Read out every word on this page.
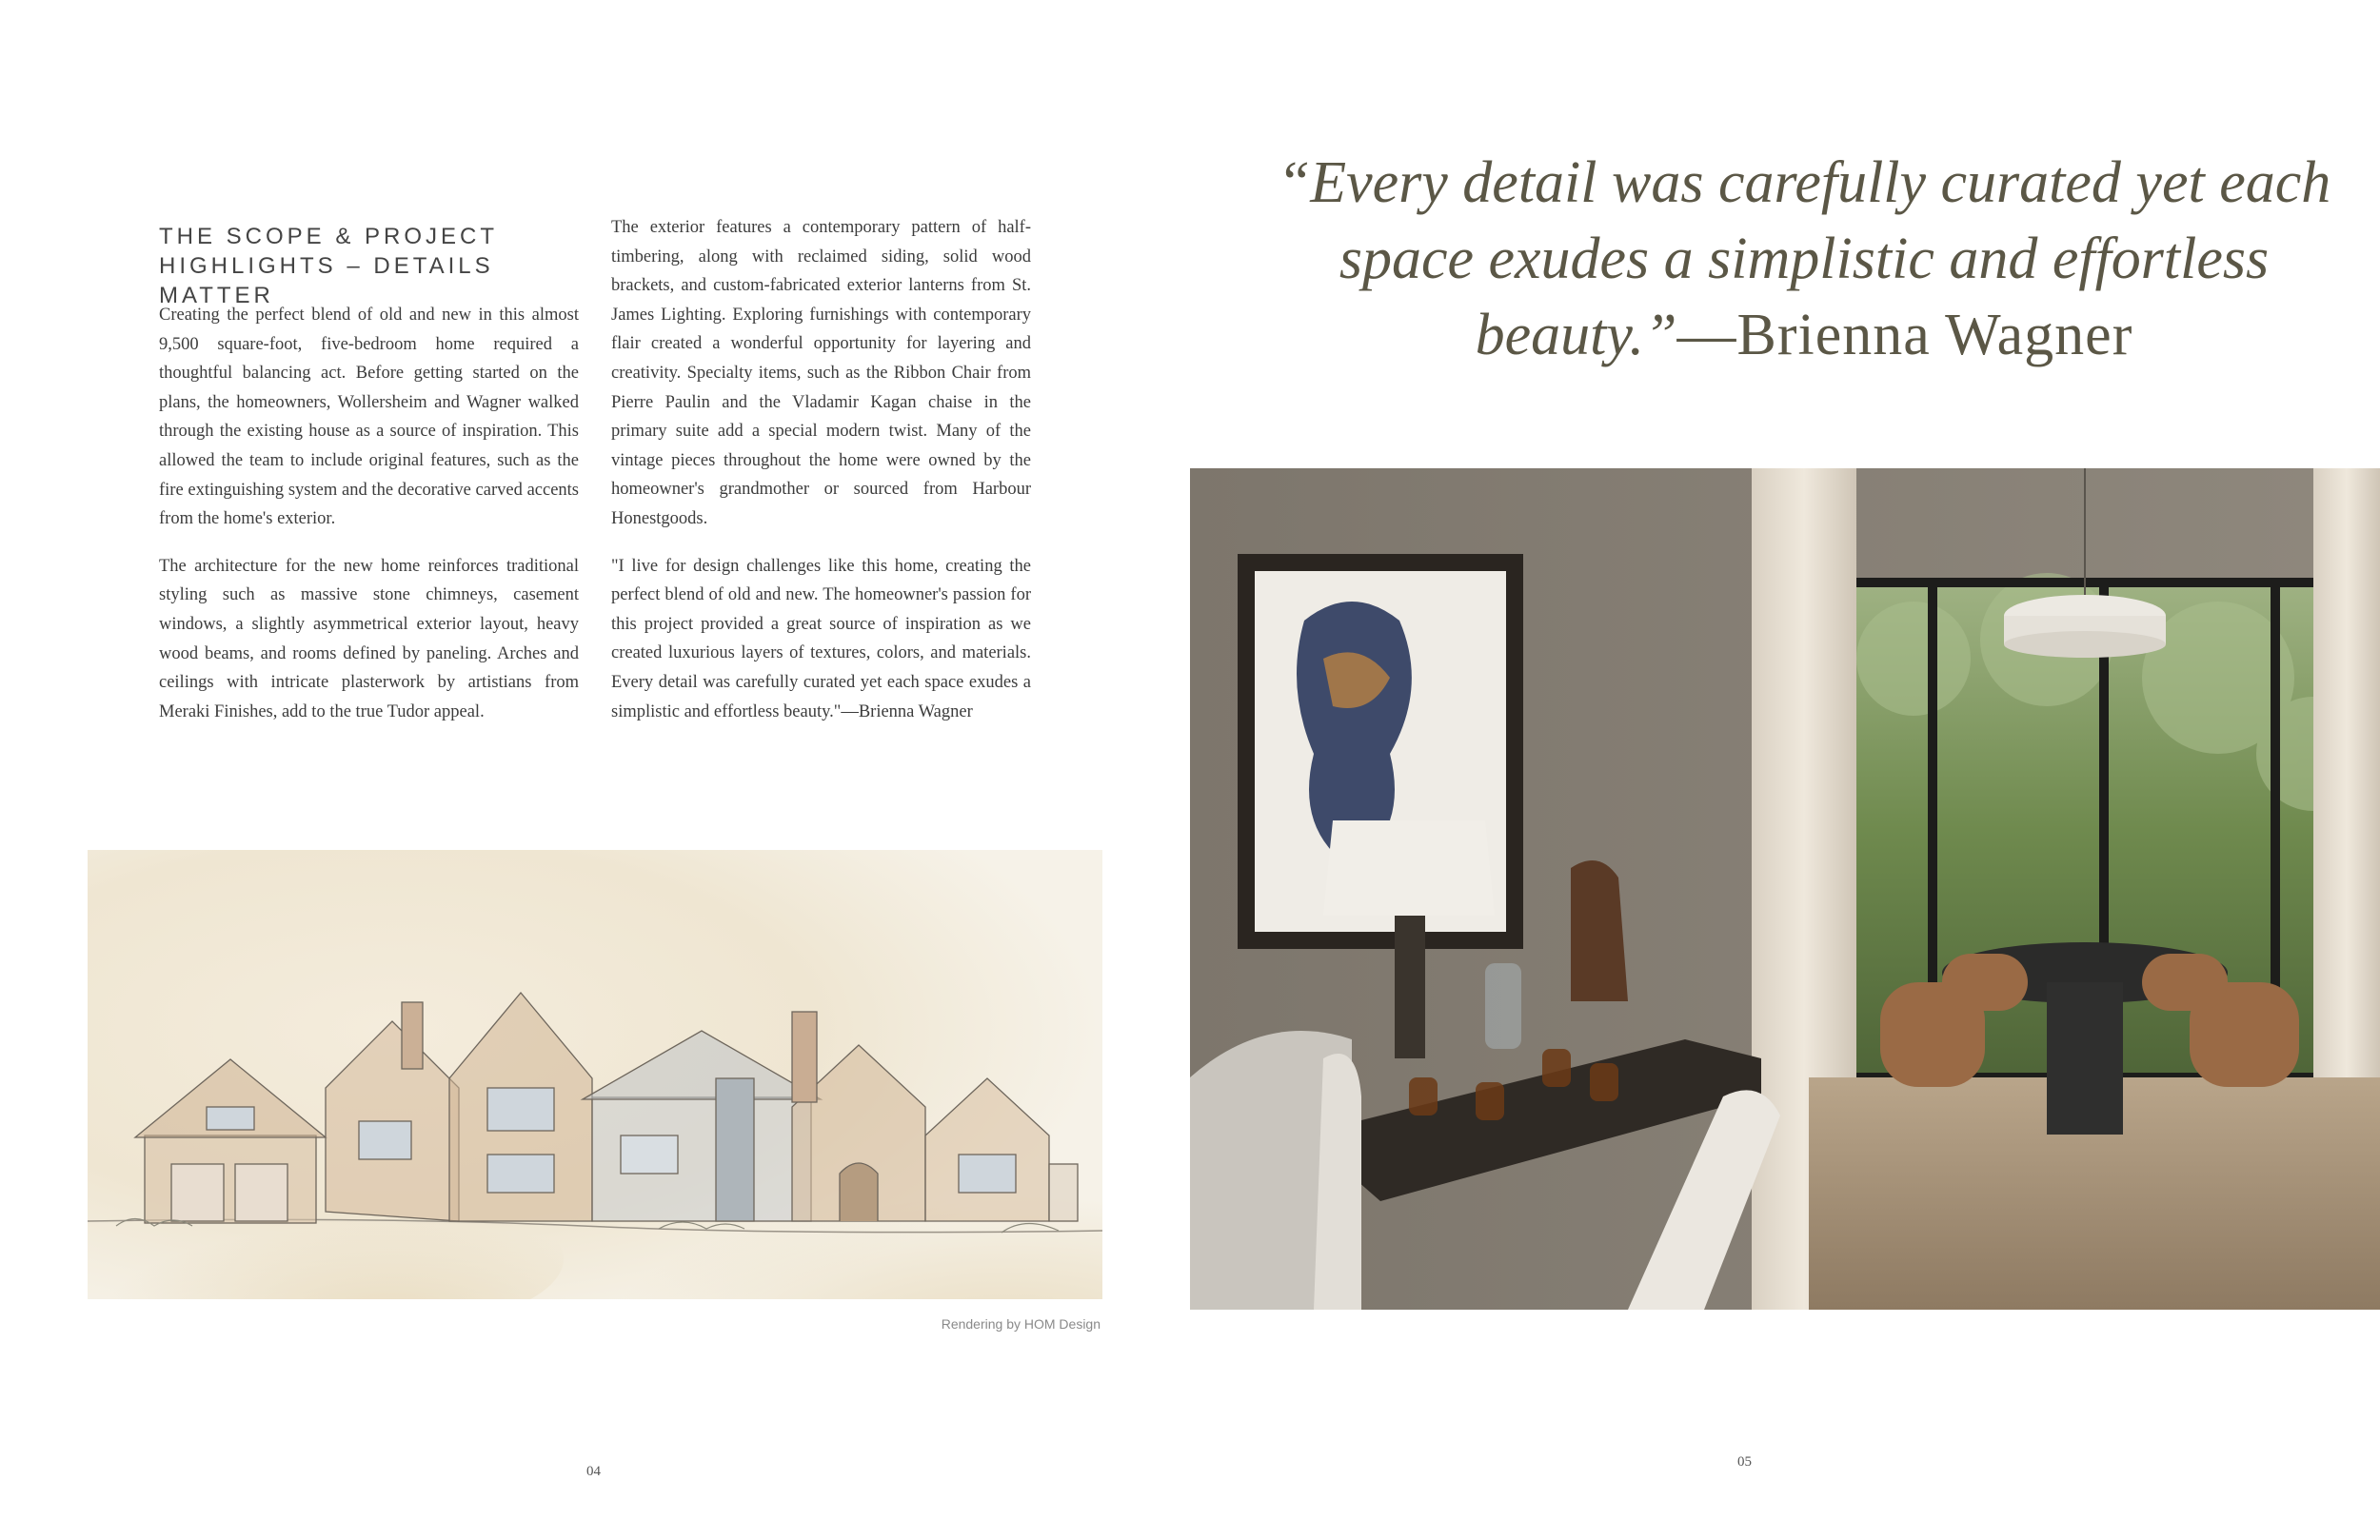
THE SCOPE & PROJECT HIGHLIGHTS – DETAILS MATTER

Creating the perfect blend of old and new in this almost 9,500 square-foot, five-bedroom home required a thoughtful balancing act. Before getting started on the plans, the homeowners, Wollersheim and Wagner walked through the existing house as a source of inspiration. This allowed the team to include original features, such as the fire extinguishing system and the decorative carved accents from the home's exterior.

The architecture for the new home reinforces traditional styling such as massive stone chimneys, casement windows, a slightly asymmetrical exterior layout, heavy wood beams, and rooms defined by paneling. Arches and ceilings with intricate plasterwork by artistians from Meraki Finishes, add to the true Tudor appeal.

The exterior features a contemporary pattern of half-timbering, along with reclaimed siding, solid wood brackets, and custom-fabricated exterior lanterns from St. James Lighting. Exploring furnishings with contemporary flair created a wonderful opportunity for layering and creativity. Specialty items, such as the Ribbon Chair from Pierre Paulin and the Vladamir Kagan chaise in the primary suite add a special modern twist. Many of the vintage pieces throughout the home were owned by the homeowner's grandmother or sourced from Harbour Honestgoods.

"I live for design challenges like this home, creating the perfect blend of old and new. The homeowner's passion for this project provided a great source of inspiration as we created luxurious layers of textures, colors, and materials. Every detail was carefully curated yet each space exudes a simplistic and effortless beauty."—Brienna Wagner

Rendering by HOM Design

04

“Every detail was carefully curated yet each space exudes a simplistic and effortless beauty.”—Brienna Wagner

05
